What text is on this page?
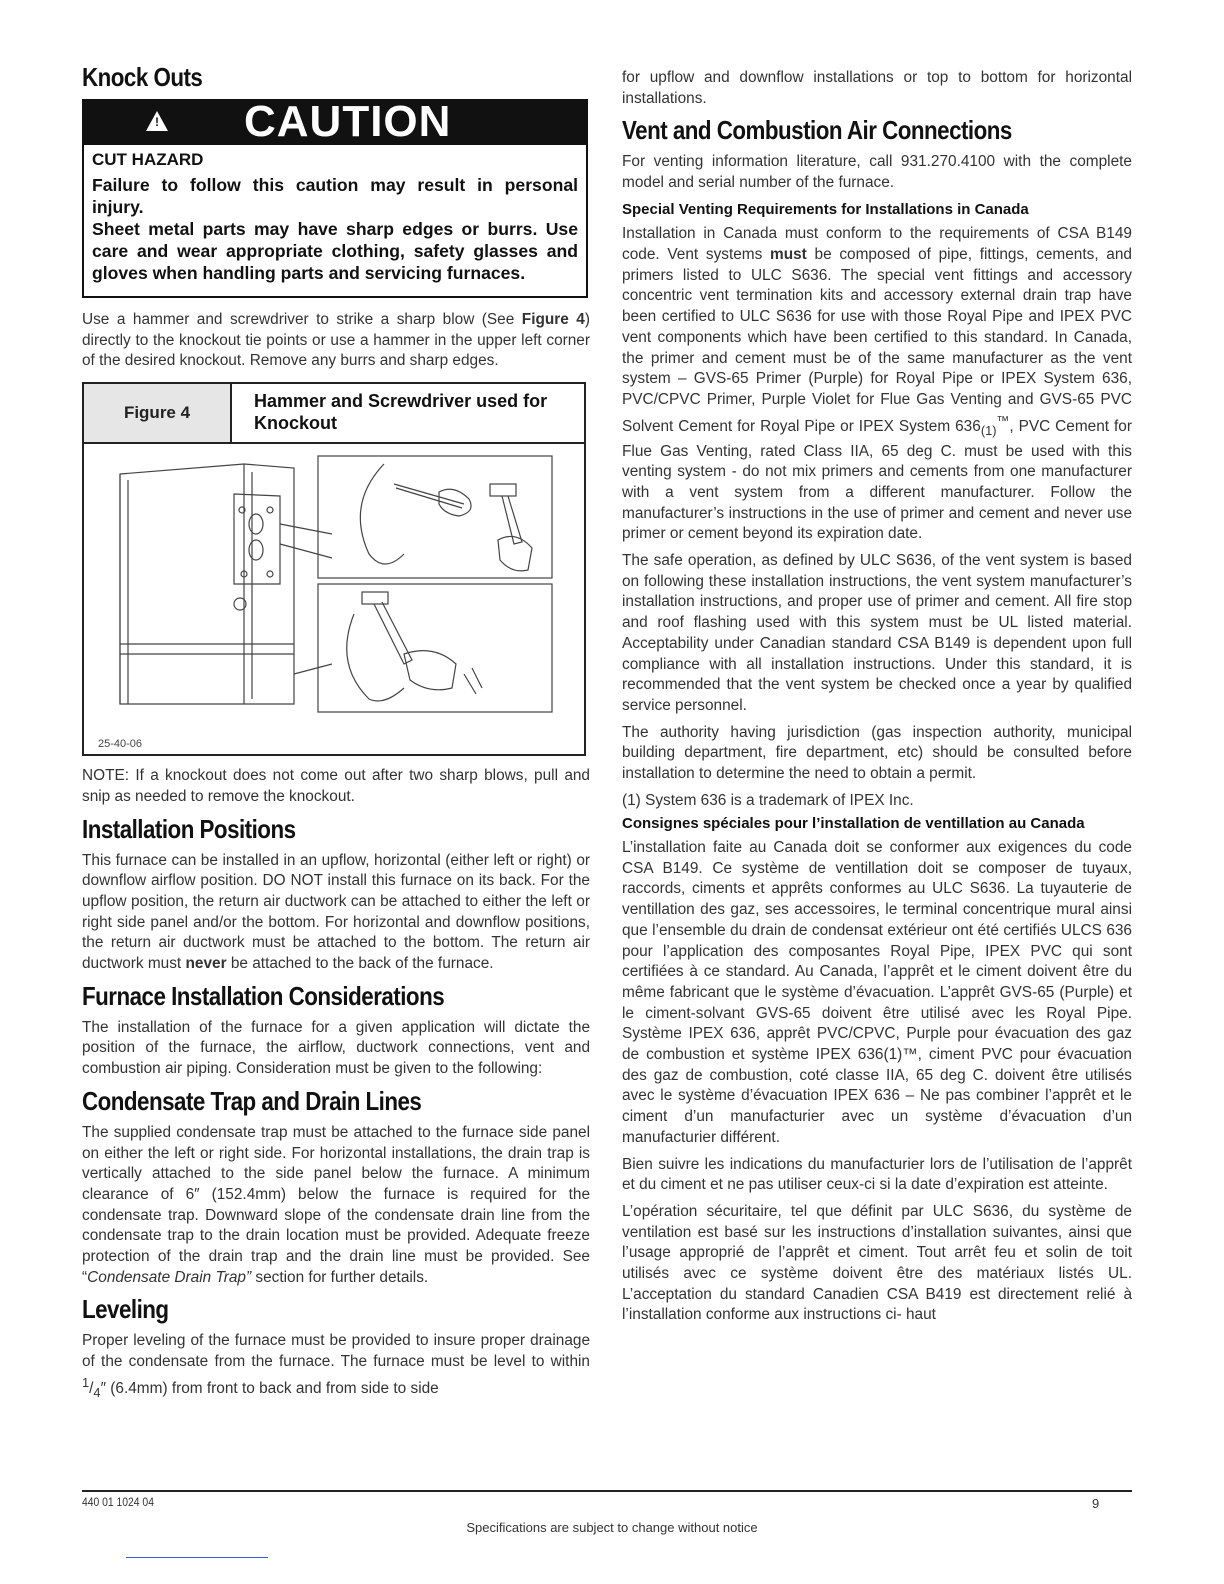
Knock Outs
! CAUTION
CUT HAZARD
Failure to follow this caution may result in personal injury.
Sheet metal parts may have sharp edges or burrs. Use care and wear appropriate clothing, safety glasses and gloves when handling parts and servicing furnaces.

Use a hammer and screwdriver to strike a sharp blow (See Figure 4) directly to the knockout tie points or use a hammer in the upper left corner of the desired knockout. Remove any burrs and sharp edges.

Figure 4
Hammer and Screwdriver used for Knockout
25-40-06

NOTE: If a knockout does not come out after two sharp blows, pull and snip as needed to remove the knockout.

Installation Positions

This furnace can be installed in an upflow, horizontal (either left or right) or downflow airflow position. DO NOT install this furnace on its back. For the upflow position, the return air ductwork can be attached to either the left or right side panel and/or the bottom. For horizontal and downflow positions, the return air ductwork must be attached to the bottom. The return air ductwork must never be attached to the back of the furnace.

Furnace Installation Considerations

The installation of the furnace for a given application will dictate the position of the furnace, the airflow, ductwork connections, vent and combustion air piping. Consideration must be given to the following:

Condensate Trap and Drain Lines

The supplied condensate trap must be attached to the furnace side panel on either the left or right side. For horizontal installations, the drain trap is vertically attached to the side panel below the furnace. A minimum clearance of 6″ (152.4mm) below the furnace is required for the condensate trap. Downward slope of the condensate drain line from the condensate trap to the drain location must be provided. Adequate freeze protection of the drain trap and the drain line must be provided. See “Condensate Drain Trap” section for further details.

Leveling

Proper leveling of the furnace must be provided to insure proper drainage of the condensate from the furnace. The furnace must be level to within $^1/_4''$ (6.4mm) from front to back and from side to side

for upflow and downflow installations or top to bottom for horizontal installations.

Vent and Combustion Air Connections

For venting information literature, call 931.270.4100 with the complete model and serial number of the furnace.

Special Venting Requirements for Installations in Canada

Installation in Canada must conform to the requirements of CSA B149 code. Vent systems must be composed of pipe, fittings, cements, and primers listed to ULC S636. The special vent fittings and accessory concentric vent termination kits and accessory external drain trap have been certified to ULC S636 for use with those Royal Pipe and IPEX PVC vent components which have been certified to this standard. In Canada, the primer and cement must be of the same manufacturer as the vent system – GVS-65 Primer (Purple) for Royal Pipe or IPEX System 636, PVC/CPVC Primer, Purple Violet for Flue Gas Venting and GVS-65 PVC Solvent Cement for Royal Pipe or IPEX System $636_{(1)}™$, PVC Cement for Flue Gas Venting, rated Class IIA, 65 deg C. must be used with this venting system - do not mix primers and cements from one manufacturer with a vent system from a different manufacturer. Follow the manufacturer’s instructions in the use of primer and cement and never use primer or cement beyond its expiration date.

The safe operation, as defined by ULC S636, of the vent system is based on following these installation instructions, the vent system manufacturer’s installation instructions, and proper use of primer and cement. All fire stop and roof flashing used with this system must be UL listed material. Acceptability under Canadian standard CSA B149 is dependent upon full compliance with all installation instructions. Under this standard, it is recommended that the vent system be checked once a year by qualified service personnel.

The authority having jurisdiction (gas inspection authority, municipal building department, fire department, etc) should be consulted before installation to determine the need to obtain a permit.

(1) System 636 is a trademark of IPEX Inc.

Consignes spéciales pour l’installation de ventillation au Canada

L’installation faite au Canada doit se conformer aux exigences du code CSA B149. Ce système de ventillation doit se composer de tuyaux, raccords, ciments et apprêts conformes au ULC S636. La tuyauterie de ventillation des gaz, ses accessoires, le terminal concentrique mural ainsi que l’ensemble du drain de condensat extérieur ont été certifiés ULCS 636 pour l’application des composantes Royal Pipe, IPEX PVC qui sont certifiées à ce standard. Au Canada, l’apprêt et le ciment doivent être du même fabricant que le système d’évacuation. L’apprêt GVS-65 (Purple) et le ciment-solvant GVS-65 doivent être utilisé avec les Royal Pipe. Système IPEX 636, apprêt PVC/CPVC, Purple pour évacuation des gaz de combustion et système IPEX 636(1)™, ciment PVC pour évacuation des gaz de combustion, coté classe IIA, 65 deg C. doivent être utilisés avec le système d’évacuation IPEX 636 – Ne pas combiner l’apprêt et le ciment d’un manufacturier avec un système d’évacuation d’un manufacturier différent.

Bien suivre les indications du manufacturier lors de l’utilisation de l’apprêt et du ciment et ne pas utiliser ceux-ci si la date d’expiration est atteinte.

L’opération sécuritaire, tel que définit par ULC S636, du système de ventilation est basé sur les instructions d’installation suivantes, ainsi que l’usage approprié de l’apprêt et ciment. Tout arrêt feu et solin de toit utilisés avec ce système doivent être des matériaux listés UL. L’acceptation du standard Canadien CSA B419 est directement relié à l’installation conforme aux instructions ci- haut

440 01 1024 04	9
Specifications are subject to change without notice
